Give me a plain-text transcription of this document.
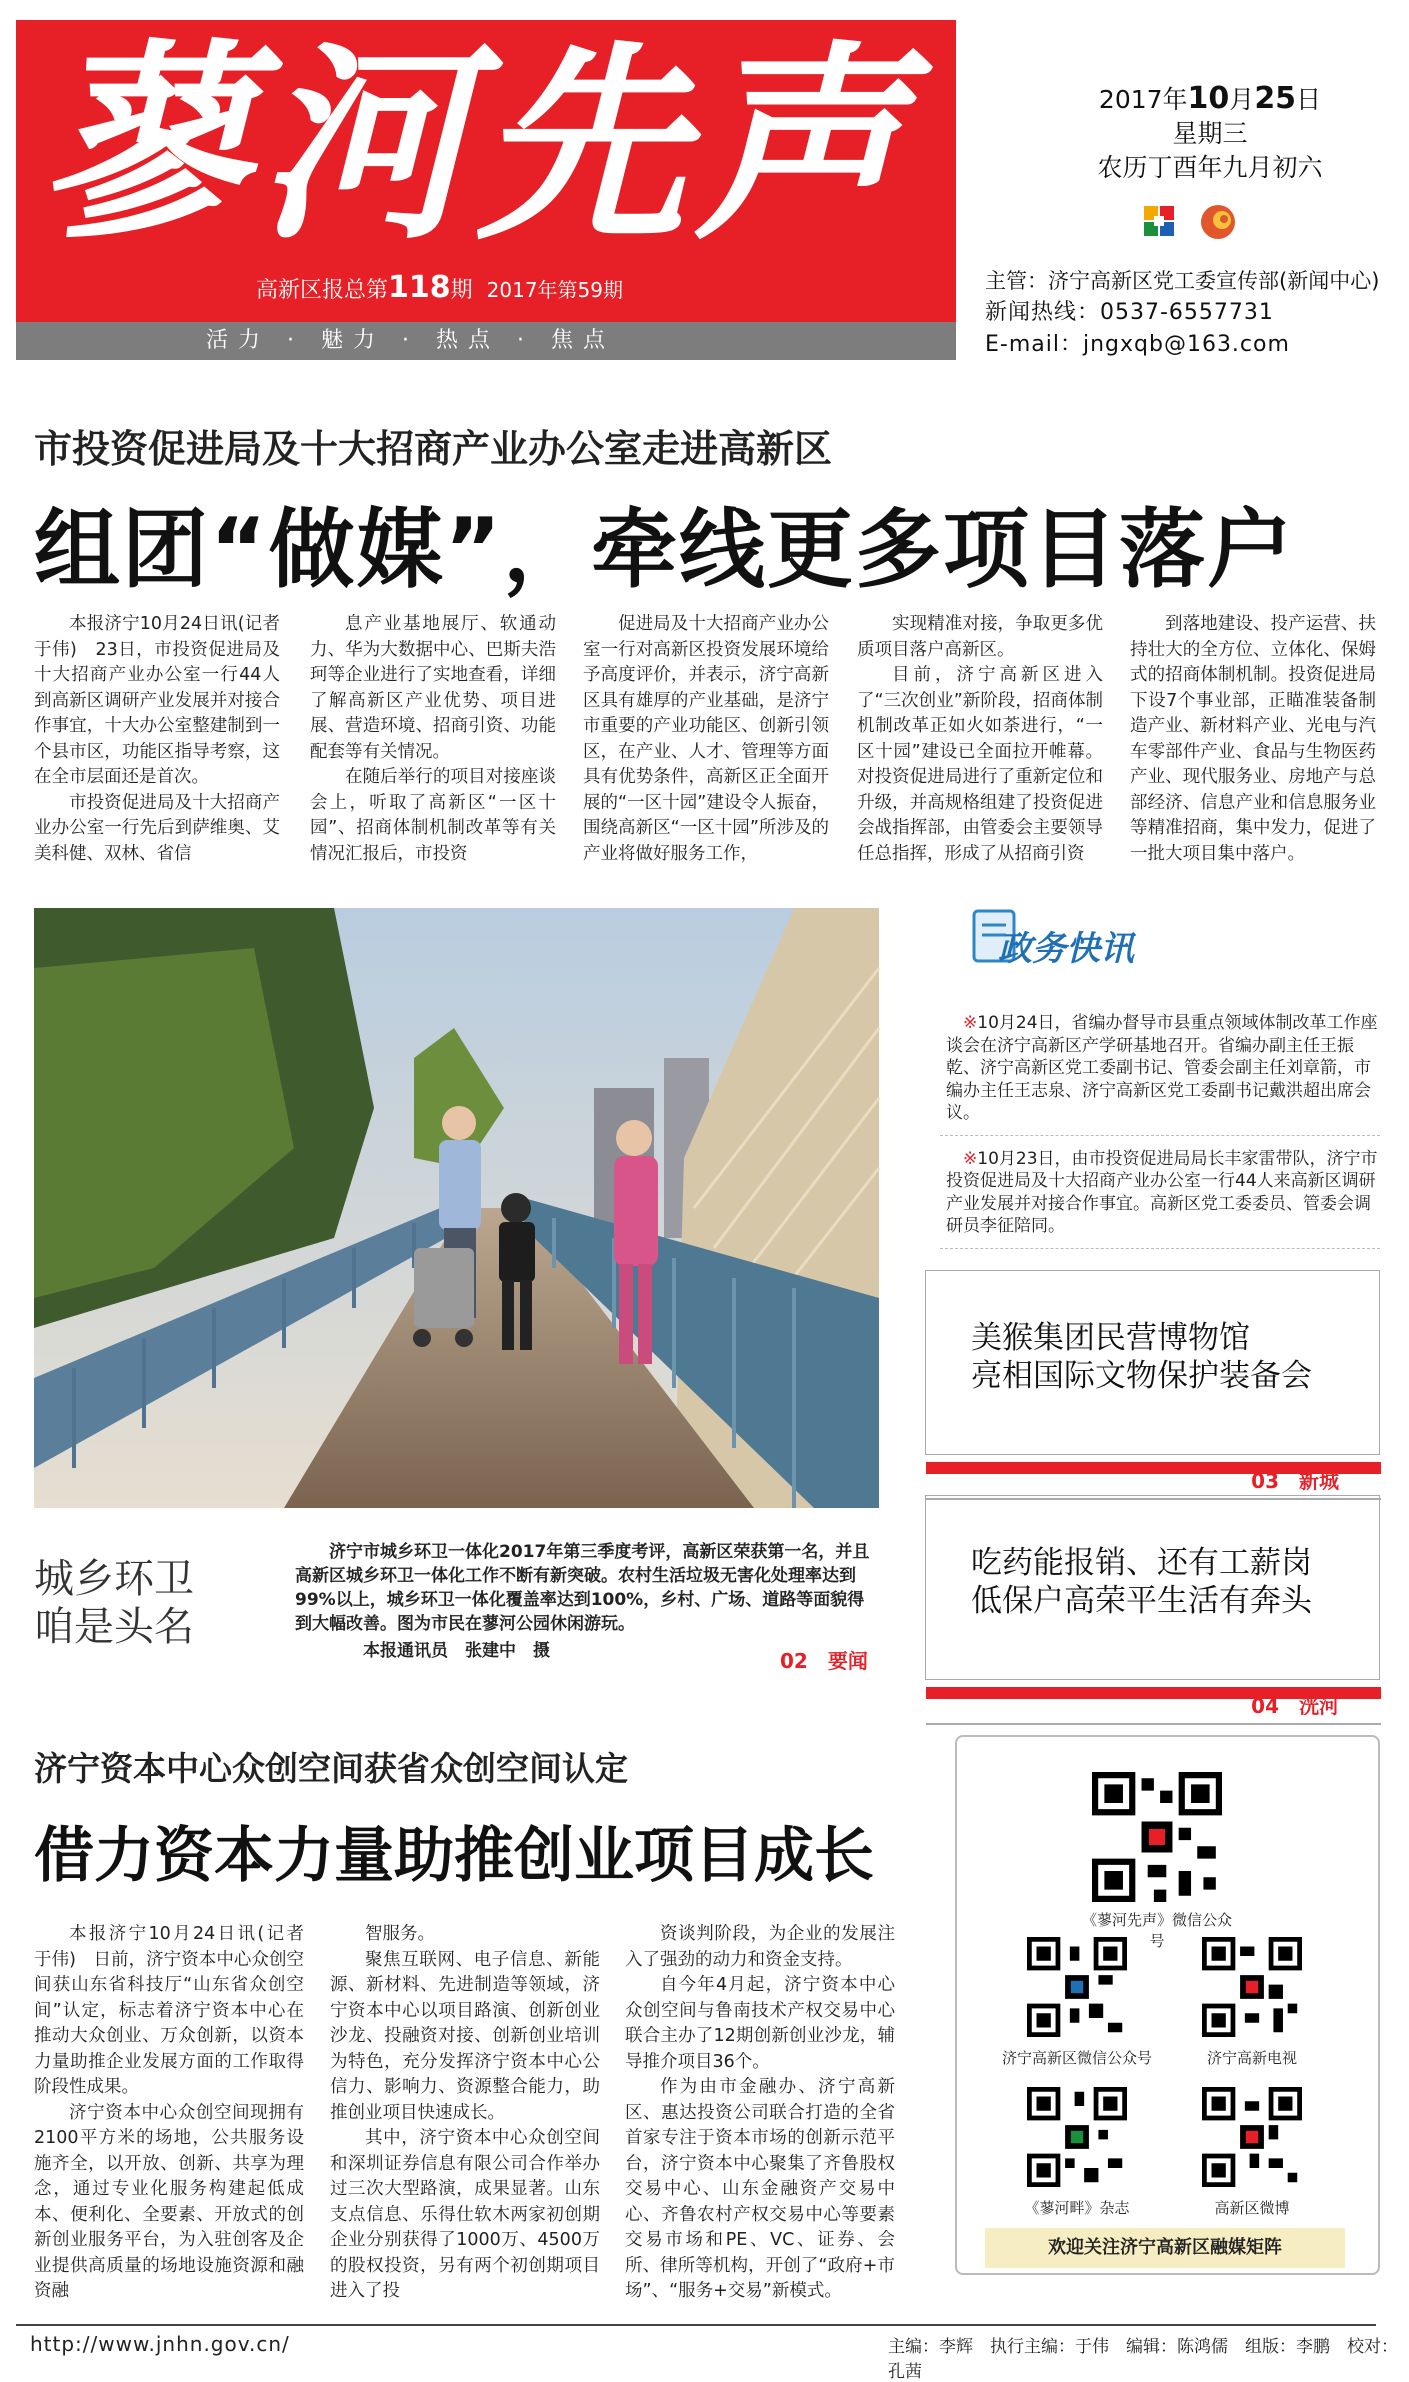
蓼河先声
高新区报总第118期 2017年第59期
活力 · 魅力 · 热点 · 焦点
2017年10月25日
星期三
农历丁酉年九月初六
主管：济宁高新区党工委宣传部(新闻中心)
新闻热线：0537-6557731
E-mail：jngxqb@163.com
市投资促进局及十大招商产业办公室走进高新区
组团“做媒”，牵线更多项目落户

本报济宁10月24日讯(记者　于伟)　23日，市投资促进局及十大招商产业办公室一行44人到高新区调研产业发展并对接合作事宜，十大办公室整建制到一个县市区，功能区指导考察，这在全市层面还是首次。

市投资促进局及十大招商产业办公室一行先后到萨维奥、艾美科健、双林、省信

息产业基地展厅、软通动力、华为大数据中心、巴斯夫浩珂等企业进行了实地查看，详细了解高新区产业优势、项目进展、营造环境、招商引资、功能配套等有关情况。

在随后举行的项目对接座谈会上，听取了高新区“一区十园”、招商体制机制改革等有关情况汇报后，市投资

促进局及十大招商产业办公室一行对高新区投资发展环境给予高度评价，并表示，济宁高新区具有雄厚的产业基础，是济宁市重要的产业功能区、创新引领区，在产业、人才、管理等方面具有优势条件，高新区正全面开展的“一区十园”建设令人振奋，围绕高新区“一区十园”所涉及的产业将做好服务工作，

实现精准对接，争取更多优质项目落户高新区。

目前，济宁高新区进入了“三次创业”新阶段，招商体制机制改革正如火如荼进行，“一区十园”建设已全面拉开帷幕。对投资促进局进行了重新定位和升级，并高规格组建了投资促进会战指挥部，由管委会主要领导任总指挥，形成了从招商引资

到落地建设、投产运营、扶持壮大的全方位、立体化、保姆式的招商体制机制。投资促进局下设7个事业部，正瞄准装备制造产业、新材料产业、光电与汽车零部件产业、食品与生物医药产业、现代服务业、房地产与总部经济、信息产业和信息服务业等精准招商，集中发力，促进了一批大项目集中落户。

城乡环卫
咱是头名
济宁市城乡环卫一体化2017年第三季度考评，高新区荣获第一名，并且高新区城乡环卫一体化工作不断有新突破。农村生活垃圾无害化处理率达到99%以上，城乡环卫一体化覆盖率达到100%，乡村、广场、道路等面貌得到大幅改善。图为市民在蓼河公园休闲游玩。
本报通讯员　张建中　摄	02　要闻
政务快讯
※10月24日，省编办督导市县重点领域体制改革工作座谈会在济宁高新区产学研基地召开。省编办副主任王振乾、济宁高新区党工委副书记、管委会副主任刘章箭，市编办主任王志泉、济宁高新区党工委副书记戴洪超出席会议。
※10月23日，由市投资促进局局长丰家雷带队，济宁市投资促进局及十大招商产业办公室一行44人来高新区调研产业发展并对接合作事宜。高新区党工委委员、管委会调研员李征陪同。
美猴集团民营博物馆
亮相国际文物保护装备会
03　新城
吃药能报销、还有工薪岗
低保户高荣平生活有奔头
04　洸河
济宁资本中心众创空间获省众创空间认定
借力资本力量助推创业项目成长

本报济宁10月24日讯(记者　于伟)　日前，济宁资本中心众创空间获山东省科技厅“山东省众创空间”认定，标志着济宁资本中心在推动大众创业、万众创新，以资本力量助推企业发展方面的工作取得阶段性成果。

济宁资本中心众创空间现拥有2100平方米的场地，公共服务设施齐全，以开放、创新、共享为理念，通过专业化服务构建起低成本、便利化、全要素、开放式的创新创业服务平台，为入驻创客及企业提供高质量的场地设施资源和融资融

智服务。

聚焦互联网、电子信息、新能源、新材料、先进制造等领域，济宁资本中心以项目路演、创新创业沙龙、投融资对接、创新创业培训为特色，充分发挥济宁资本中心公信力、影响力、资源整合能力，助推创业项目快速成长。

其中，济宁资本中心众创空间和深圳证券信息有限公司合作举办过三次大型路演，成果显著。山东支点信息、乐得仕软木两家初创期企业分别获得了1000万、4500万的股权投资，另有两个初创期项目进入了投

资谈判阶段，为企业的发展注入了强劲的动力和资金支持。

自今年4月起，济宁资本中心众创空间与鲁南技术产权交易中心联合主办了12期创新创业沙龙，辅导推介项目36个。

作为由市金融办、济宁高新区、惠达投资公司联合打造的全省首家专注于资本市场的创新示范平台，济宁资本中心聚集了齐鲁股权交易中心、山东金融资产交易中心、齐鲁农村产权交易中心等要素交易市场和PE、VC、证券、会所、律所等机构，开创了“政府+市场”、“服务+交易”新模式。

《蓼河先声》微信公众号
济宁高新区微信公众号	济宁高新电视
《蓼河畔》杂志	高新区微博
欢迎关注济宁高新区融媒矩阵
http://www.jnhn.gov.cn/	主编：李辉　执行主编：于伟　编辑：陈鸿儒　组版：李鹏　校对：孔茜
